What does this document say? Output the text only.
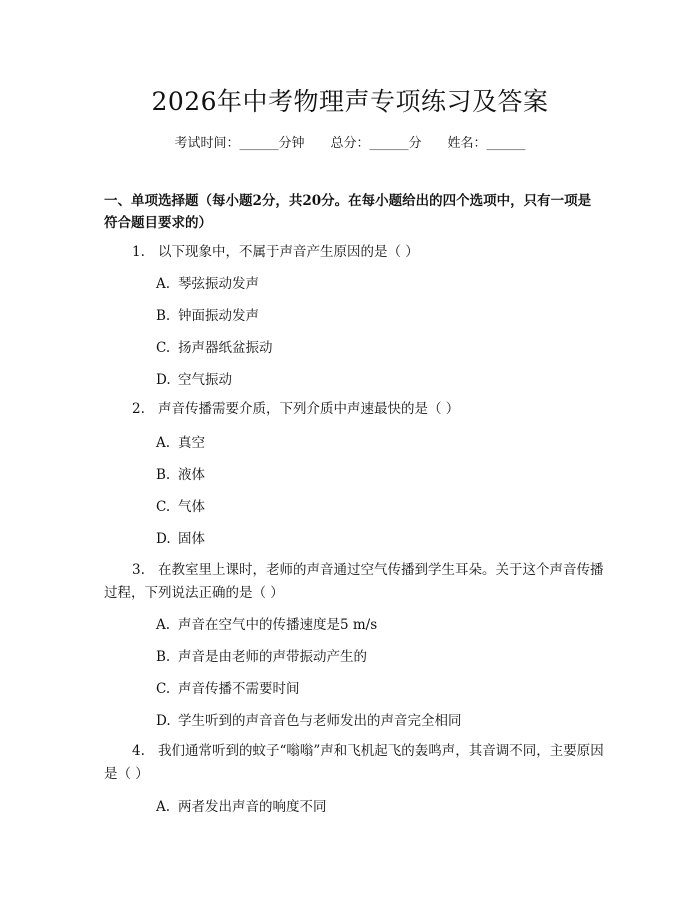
2026年中考物理声专项练习及答案
考试时间：______分钟 总分：______分 姓名：______
一、单项选择题（每小题2分，共20分。在每小题给出的四个选项中，只有一项是符合题目要求的）
1. 以下现象中，不属于声音产生原因的是（ ）
A. 琴弦振动发声
B. 钟面振动发声
C. 扬声器纸盆振动
D. 空气振动
2. 声音传播需要介质，下列介质中声速最快的是（ ）
A. 真空
B. 液体
C. 气体
D. 固体
3. 在教室里上课时，老师的声音通过空气传播到学生耳朵。关于这个声音传播过程，下列说法正确的是（ ）
A. 声音在空气中的传播速度是5 m/s
B. 声音是由老师的声带振动产生的
C. 声音传播不需要时间
D. 学生听到的声音音色与老师发出的声音完全相同
4. 我们通常听到的蚊子“嗡嗡”声和飞机起飞的轰鸣声，其音调不同，主要原因是（ ）
A. 两者发出声音的响度不同
